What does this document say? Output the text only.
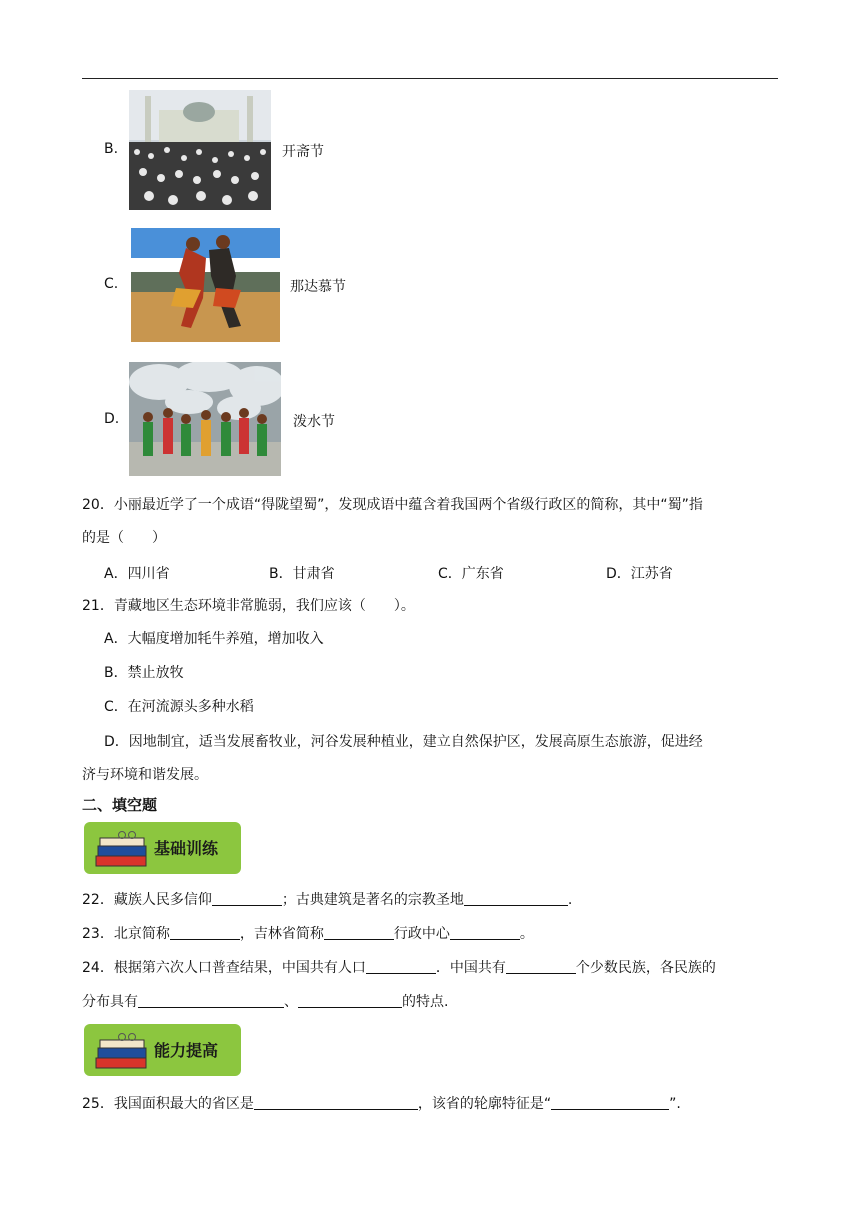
B.	开斋节
C.	那达慕节
D.	泼水节
20．小丽最近学了一个成语“得陇望蜀”，发现成语中蕴含着我国两个省级行政区的简称，其中“蜀”指
的是（　　）
A．四川省	B．甘肃省	C．广东省	D．江苏省
21．青藏地区生态环境非常脆弱，我们应该（　　）。
A．大幅度增加牦牛养殖，增加收入
B．禁止放牧
C．在河流源头多种水稻
D．因地制宜，适当发展畜牧业，河谷发展种植业，建立自然保护区，发展高原生态旅游，促进经
济与环境和谐发展。
二、填空题
基础训练
22．藏族人民多信仰	；古典建筑是著名的宗教圣地	.
23．北京简称	，吉林省简称	行政中心	。
24．根据第六次人口普查结果，中国共有人口	．中国共有	个少数民族，各民族的
分布具有	、	的特点.
能力提高
25．我国面积最大的省区是	，该省的轮廓特征是“	”.
